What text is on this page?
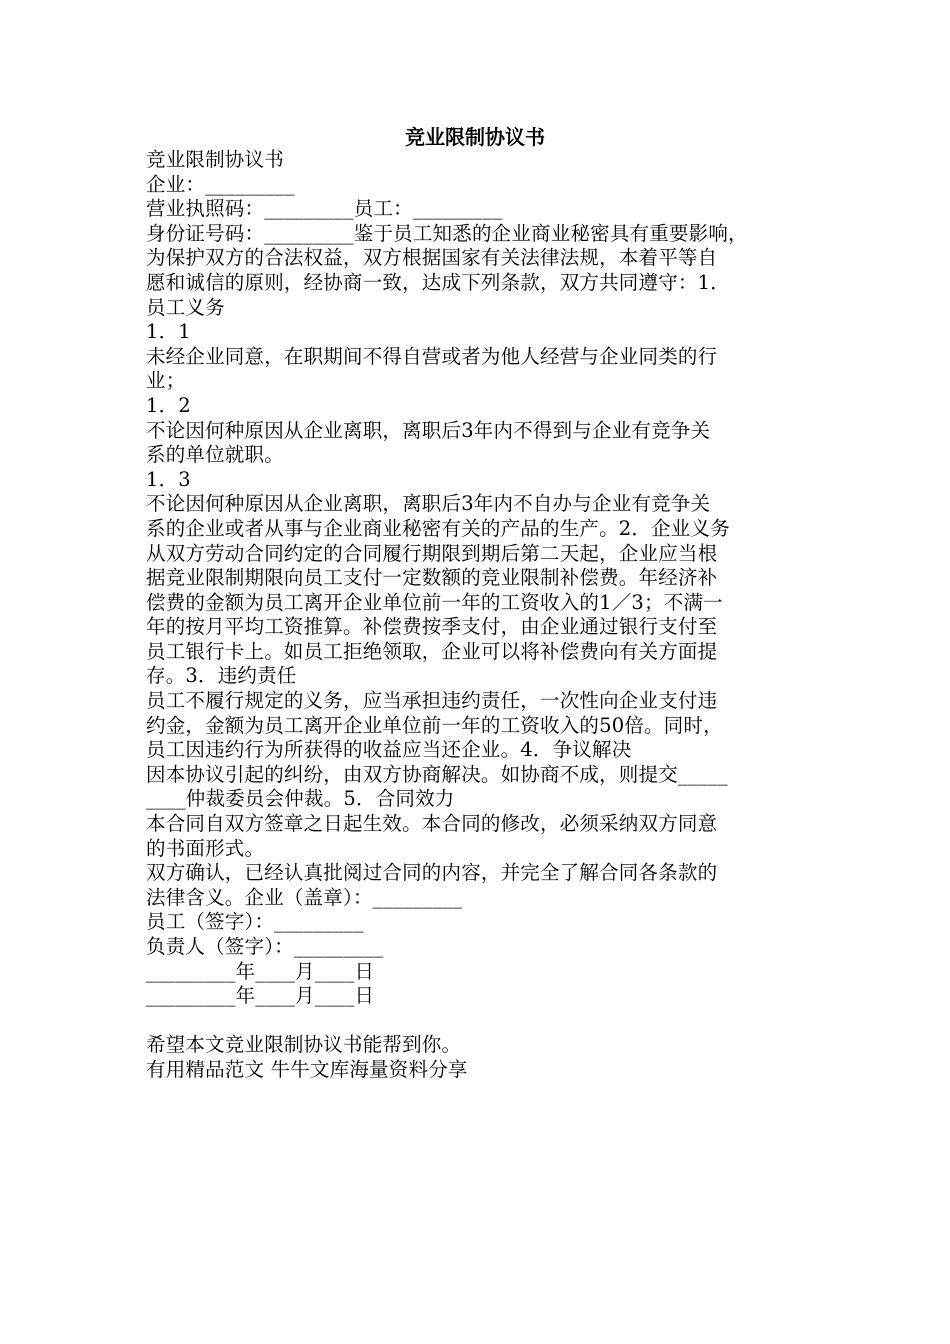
竞业限制协议书

竞业限制协议书

企业：_________

营业执照码：_________员工：_________

身份证号码：_________鉴于员工知悉的企业商业秘密具有重要影响，

为保护双方的合法权益，双方根据国家有关法律法规，本着平等自

愿和诚信的原则，经协商一致，达成下列条款，双方共同遵守：1．

员工义务

1．1

未经企业同意，在职期间不得自营或者为他人经营与企业同类的行

业；

1．2

不论因何种原因从企业离职，离职后3年内不得到与企业有竞争关

系的单位就职。

1．3

不论因何种原因从企业离职，离职后3年内不自办与企业有竞争关

系的企业或者从事与企业商业秘密有关的产品的生产。2．企业义务

从双方劳动合同约定的合同履行期限到期后第二天起，企业应当根

据竞业限制期限向员工支付一定数额的竞业限制补偿费。年经济补

偿费的金额为员工离开企业单位前一年的工资收入的1／3；不满一

年的按月平均工资推算。补偿费按季支付，由企业通过银行支付至

员工银行卡上。如员工拒绝领取，企业可以将补偿费向有关方面提

存。3．违约责任

员工不履行规定的义务，应当承担违约责任，一次性向企业支付违

约金，金额为员工离开企业单位前一年的工资收入的50倍。同时，

员工因违约行为所获得的收益应当还企业。4．争议解决

因本协议引起的纠纷，由双方协商解决。如协商不成，则提交_____

____仲裁委员会仲裁。5．合同效力

本合同自双方签章之日起生效。本合同的修改，必须采纳双方同意

的书面形式。

双方确认，已经认真批阅过合同的内容，并完全了解合同各条款的

法律含义。企业（盖章）：_________

员工（签字）：_________

负责人（签字）：_________

_________年____月____日

_________年____月____日

希望本文竞业限制协议书能帮到你。

有用精品范文 牛牛文库海量资料分享
